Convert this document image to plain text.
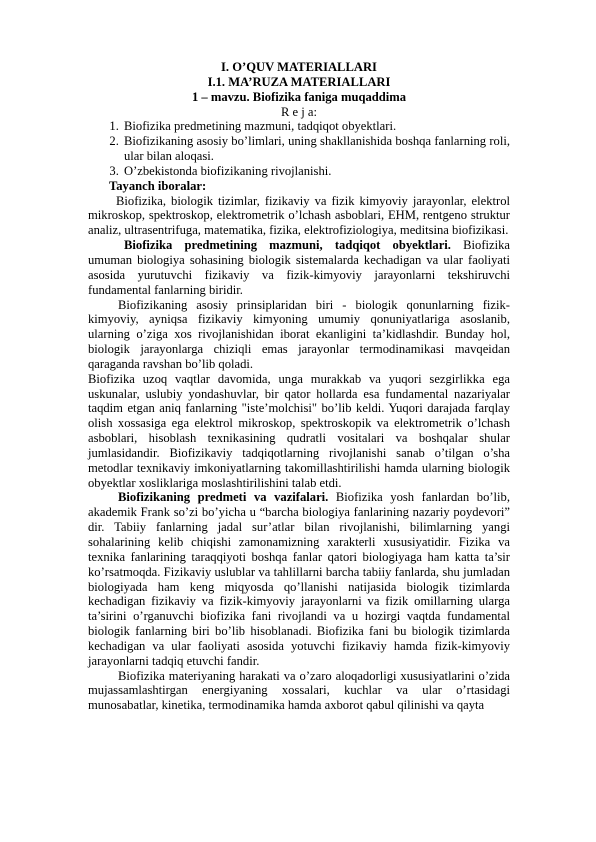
I. O’QUV MATERIALLARI
I.1. MA’RUZA MATERIALLARI
1 – mavzu. Biofizika faniga muqaddima
R e j a:
1. Biofizika predmetining mazmuni, tadqiqot obyektlari.
2. Biofizikaning asosiy bo’limlari, uning shakllanishida boshqa fanlarning roli, ular bilan aloqasi.
3. O’zbekistonda biofizikaning rivojlanishi.
Tayanch iboralar:

Biofizika, biologik tizimlar, fizikaviy va fizik kimyoviy jarayonlar, elektrol mikroskop, spektroskop, elektrometrik o’lchash asboblari, EHM, rentgeno struktur analiz, ultrasentrifuga, matematika, fizika, elektrofiziologiya, meditsina biofizikasi.

Biofizika predmetining mazmuni, tadqiqot obyektlari. Biofizika umuman biologiya sohasining biologik sistemalarda kechadigan va ular faoliyati asosida yurutuvchi fizikaviy va fizik-kimyoviy jarayonlarni tekshiruvchi fundamental fanlarning biridir.

Biofizikaning asosiy prinsiplaridan biri - biologik qonunlarning fizik-kimyoviy, ayniqsa fizikaviy kimyoning umumiy qonuniyatlariga asoslanib, ularning o’ziga xos rivojlanishidan iborat ekanligini ta’kidlashdir. Bunday hol, biologik jarayonlarga chiziqli emas jarayonlar termodinamikasi mavqeidan qaraganda ravshan bo’lib qoladi.

Biofizika uzoq vaqtlar davomida, unga murakkab va yuqori sezgirlikka ega uskunalar, uslubiy yondashuvlar, bir qator hollarda esa fundamental nazariyalar taqdim etgan aniq fanlarning "iste’molchisi" bo’lib keldi. Yuqori darajada farqlay olish xossasiga ega elektrol mikroskop, spektroskopik va elektrometrik o’lchash asboblari, hisoblash texnikasining qudratli vositalari va boshqalar shular jumlasidandir. Biofizikaviy tadqiqotlarning rivojlanishi sanab o’tilgan o’sha metodlar texnikaviy imkoniyatlarning takomillashtirilishi hamda ularning biologik obyektlar xosliklariga moslashtirilishini talab etdi.

Biofizikaning predmeti va vazifalari. Biofizika yosh fanlardan bo’lib, akademik Frank so’zi bo’yicha u “barcha biologiya fanlarining nazariy poydevori” dir. Tabiiy fanlarning jadal sur’atlar bilan rivojlanishi, bilimlarning yangi sohalarining kelib chiqishi zamonamizning xarakterli xususiyatidir. Fizika va texnika fanlarining taraqqiyoti boshqa fanlar qatori biologiyaga ham katta ta’sir ko’rsatmoqda. Fizikaviy uslublar va tahlillarni barcha tabiiy fanlarda, shu jumladan biologiyada ham keng miqyosda qo’llanishi natijasida biologik tizimlarda kechadigan fizikaviy va fizik-kimyoviy jarayonlarni va fizik omillarning ularga ta’sirini o’rganuvchi biofizika fani rivojlandi va u hozirgi vaqtda fundamental biologik fanlarning biri bo’lib hisoblanadi. Biofizika fani bu biologik tizimlarda kechadigan va ular faoliyati asosida yotuvchi fizikaviy hamda fizik-kimyoviy jarayonlarni tadqiq etuvchi fandir.

Biofizika materiyaning harakati va o’zaro aloqadorligi xususiyatlarini o’zida mujassamlashtirgan energiyaning xossalari, kuchlar va ular o’rtasidagi munosabatlar, kinetika, termodinamika hamda axborot qabul qilinishi va qayta
